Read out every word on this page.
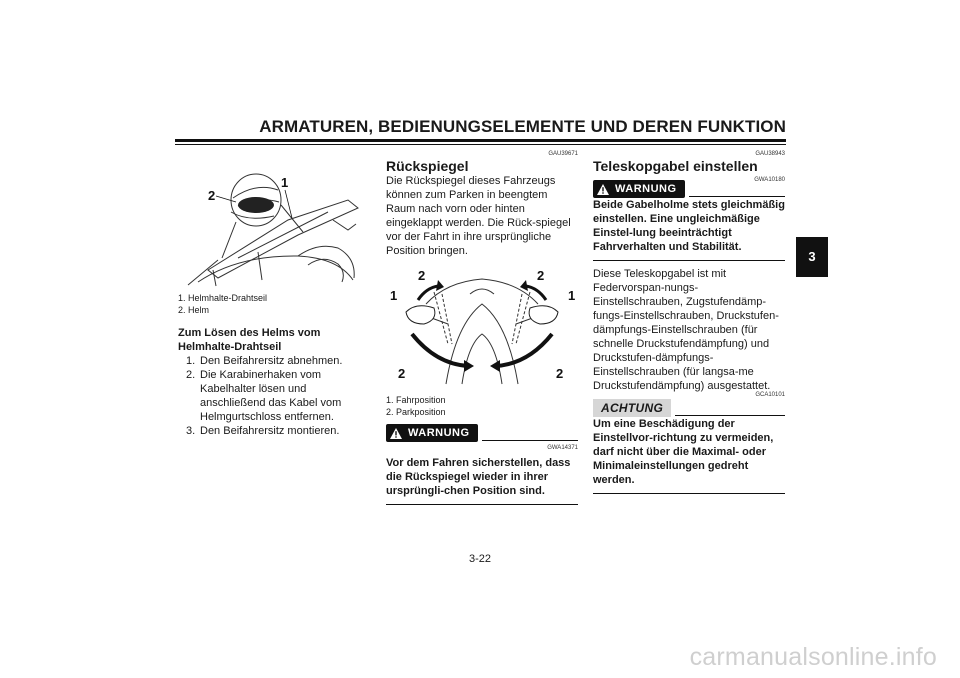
ARMATUREN, BEDIENUNGSELEMENTE UND DEREN FUNKTION
3
2
1

1. Helmhalte-Drahtseil

2. Helm

Zum Lösen des Helms vom Helmhalte-Drahtseil
1. Den Beifahrersitz abnehmen.
2. Die Karabinerhaken vom Kabelhalter lösen und anschließend das Kabel vom Helmgurtschloss entfernen.
3. Den Beifahrersitz montieren.
GAU39671
Rückspiegel

Die Rückspiegel dieses Fahrzeugs können zum Parken in beengtem Raum nach vorn oder hinten eingeklappt werden. Die Rück-spiegel vor der Fahrt in ihre ursprüngliche Position bringen.

2	2
1	1
2	2

1. Fahrposition

2. Parkposition

WARNUNG
GWA14371
Vor dem Fahren sicherstellen, dass die Rückspiegel wieder in ihrer ursprüngli-chen Position sind.
GAU38943
Teleskopgabel einstellen
WARNUNG
GWA10180
Beide Gabelholme stets gleichmäßig einstellen. Eine ungleichmäßige Einstel-lung beeinträchtigt Fahrverhalten und Stabilität.

Diese Teleskopgabel ist mit Federvorspan-nungs-Einstellschrauben, Zugstufendämp-fungs-Einstellschrauben, Druckstufen-dämpfungs-Einstellschrauben (für schnelle Druckstufendämpfung) und Druckstufen-dämpfungs-Einstellschrauben (für langsa-me Druckstufendämpfung) ausgestattet.

ACHTUNG
GCA10101
Um eine Beschädigung der Einstellvor-richtung zu vermeiden, darf nicht über die Maximal- oder Minimaleinstellungen gedreht werden.
3-22
carmanualsonline.info
